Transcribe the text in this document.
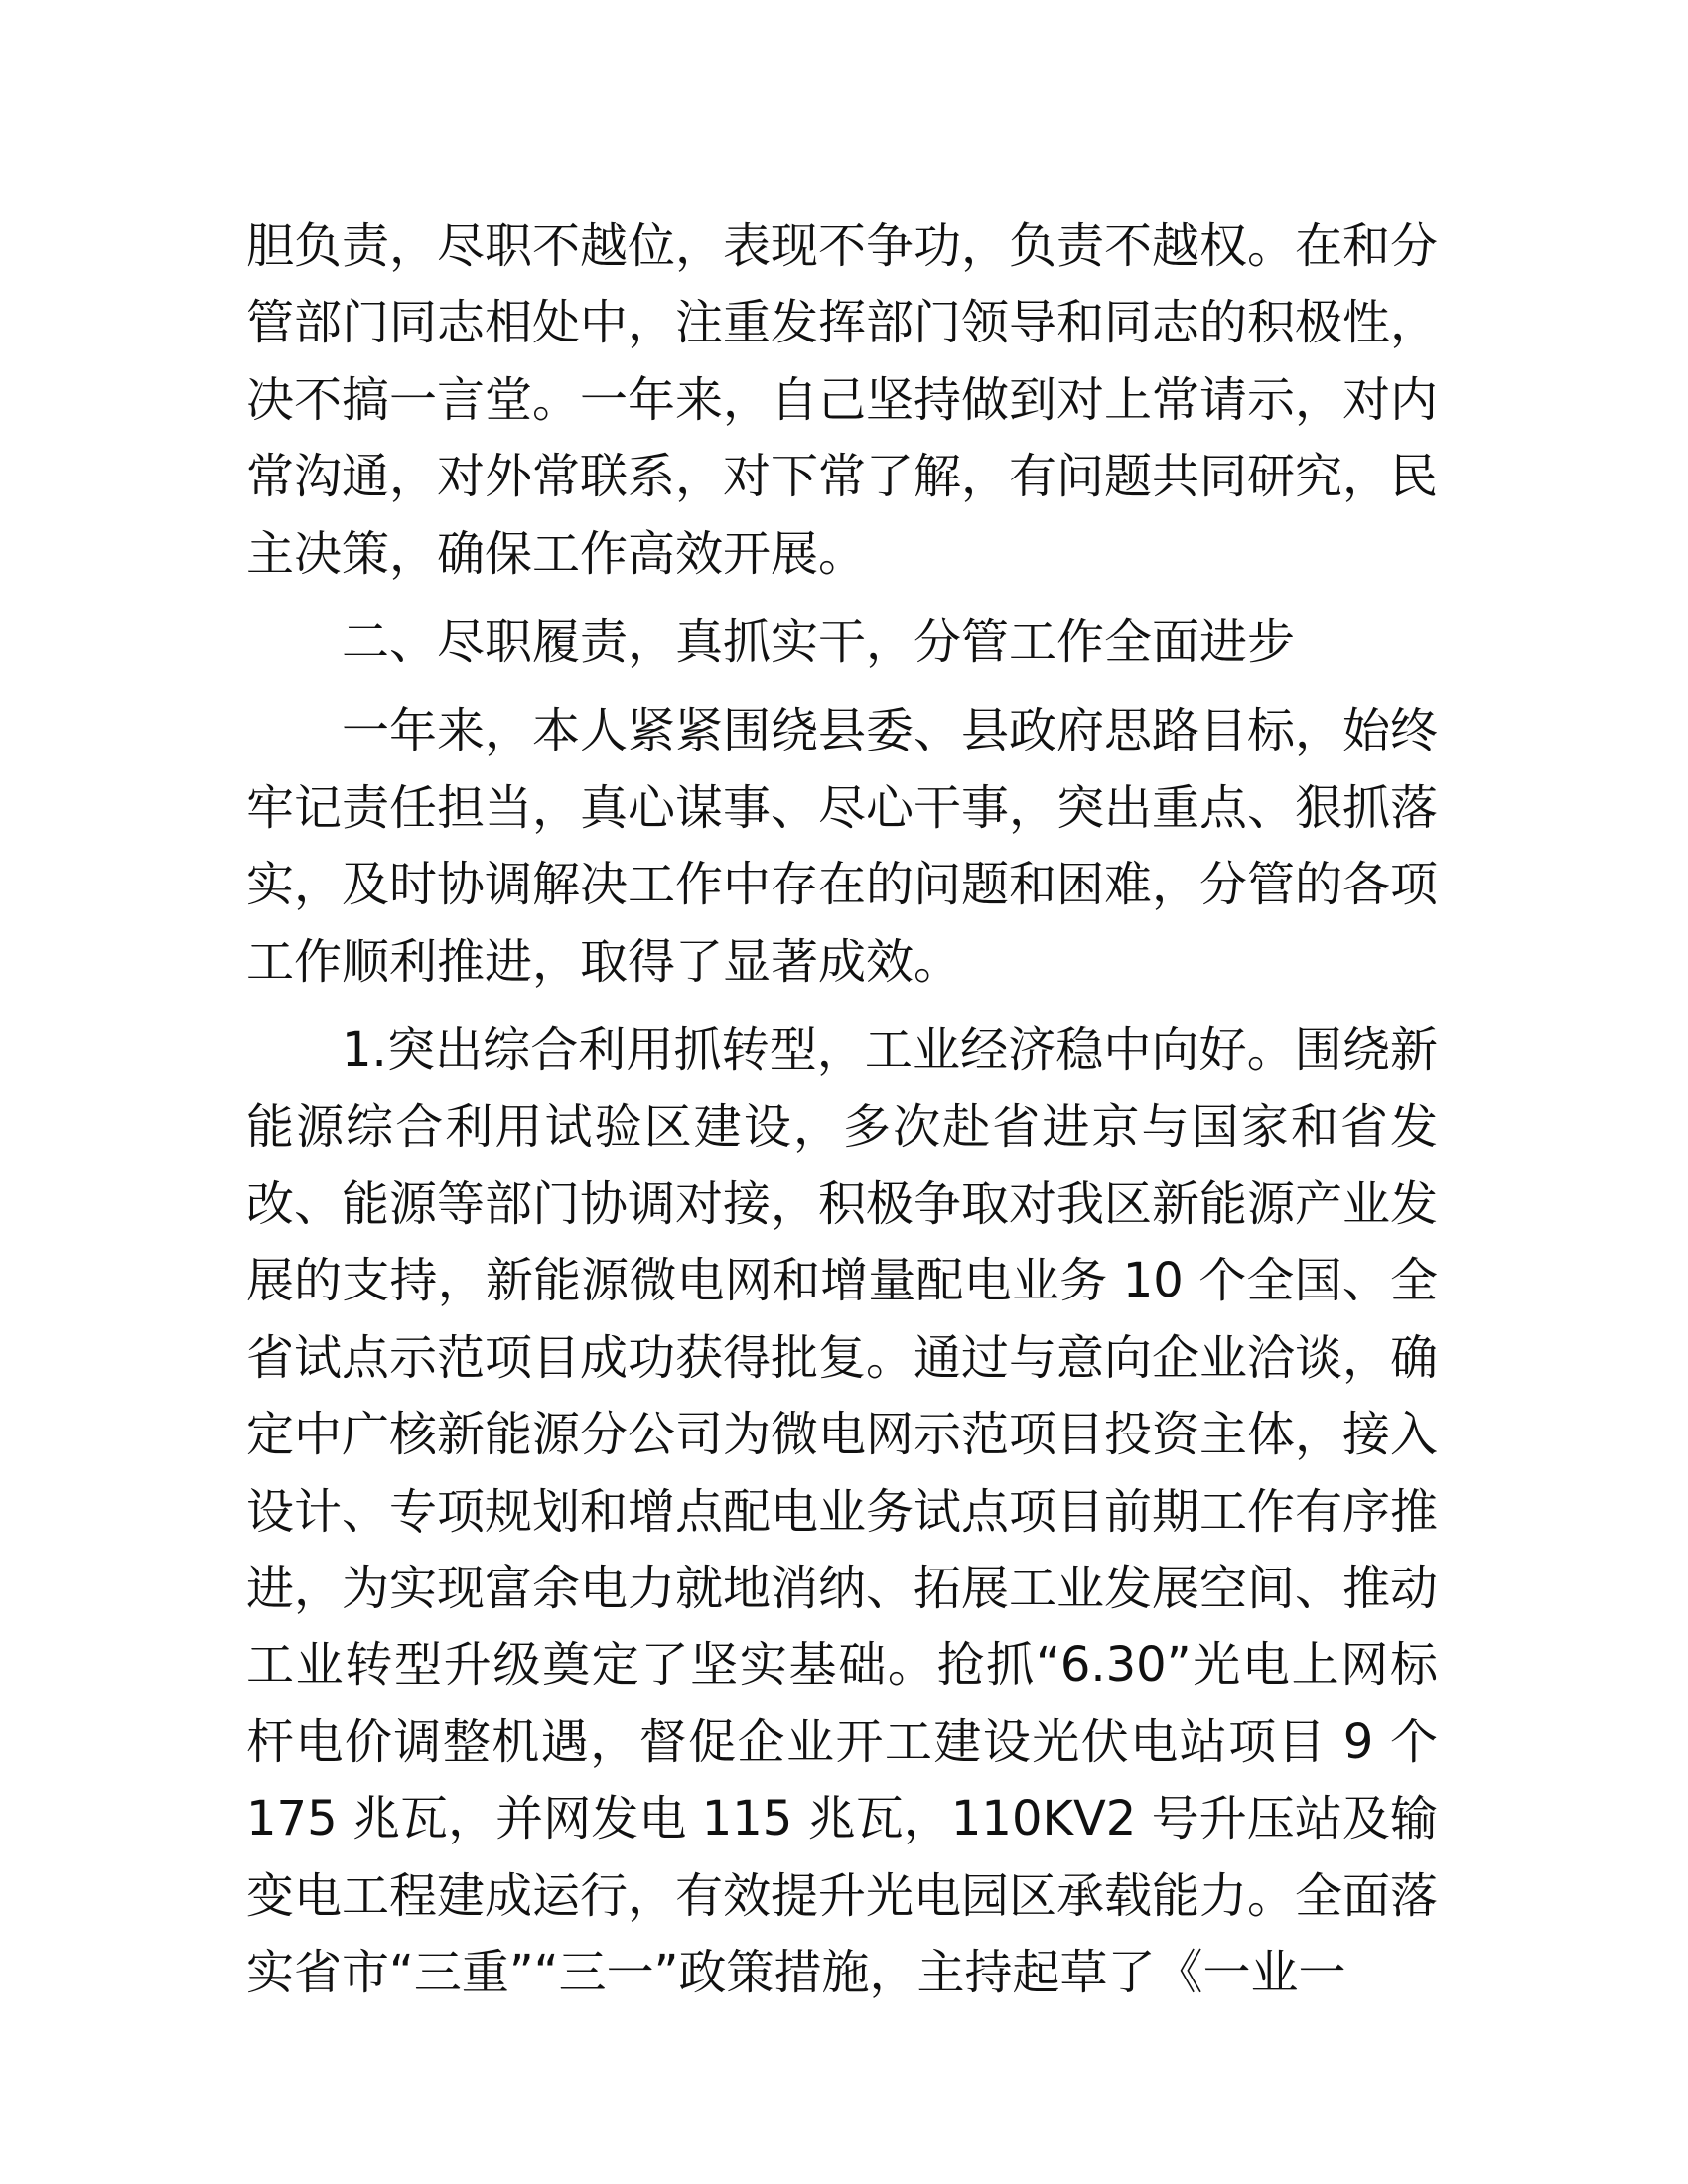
胆负责，尽职不越位，表现不争功，负责不越权。在和分管部门同志相处中，注重发挥部门领导和同志的积极性，决不搞一言堂。一年来，自己坚持做到对上常请示，对内常沟通，对外常联系，对下常了解，有问题共同研究，民主决策，确保工作高效开展。

二、尽职履责，真抓实干，分管工作全面进步

一年来，本人紧紧围绕县委、县政府思路目标，始终牢记责任担当，真心谋事、尽心干事，突出重点、狠抓落实，及时协调解决工作中存在的问题和困难，分管的各项工作顺利推进，取得了显著成效。

1.突出综合利用抓转型，工业经济稳中向好。围绕新能源综合利用试验区建设，多次赴省进京与国家和省发改、能源等部门协调对接，积极争取对我区新能源产业发展的支持，新能源微电网和增量配电业务 10 个全国、全省试点示范项目成功获得批复。通过与意向企业洽谈，确定中广核新能源分公司为微电网示范项目投资主体，接入设计、专项规划和增点配电业务试点项目前期工作有序推进，为实现富余电力就地消纳、拓展工业发展空间、推动工业转型升级奠定了坚实基础。抢抓“6.30”光电上网标杆电价调整机遇，督促企业开工建设光伏电站项目 9 个 175 兆瓦，并网发电 115 兆瓦，110KV2 号升压站及输变电工程建成运行，有效提升光电园区承载能力。全面落实省市“三重”“三一”政策措施，主持起草了《一业一
